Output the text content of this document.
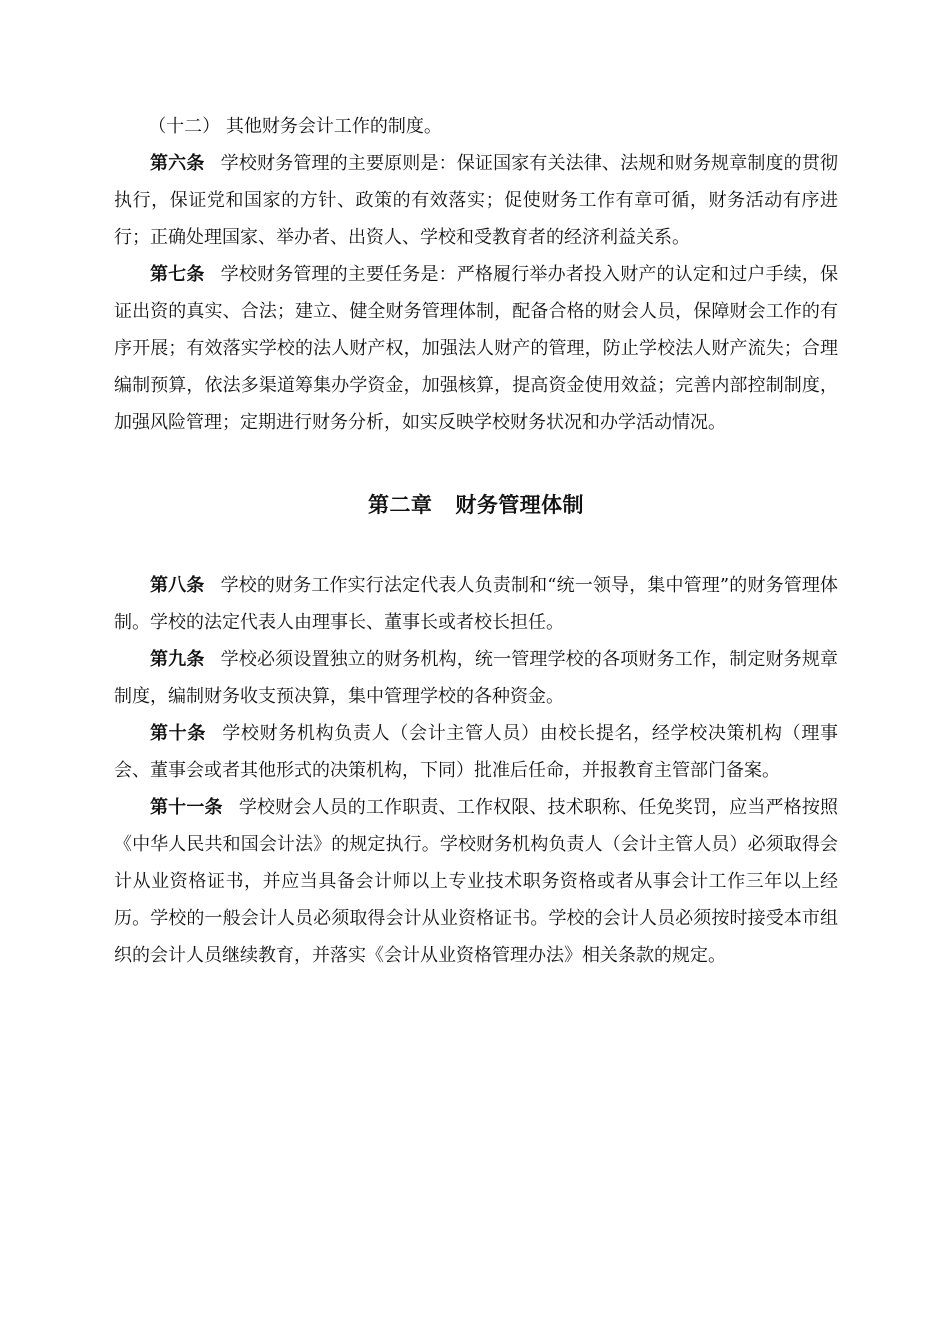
（十二） 其他财务会计工作的制度。

第六条 学校财务管理的主要原则是：保证国家有关法律、法规和财务规章制度的贯彻执行，保证党和国家的方针、政策的有效落实；促使财务工作有章可循，财务活动有序进行；正确处理国家、举办者、出资人、学校和受教育者的经济利益关系。

第七条 学校财务管理的主要任务是：严格履行举办者投入财产的认定和过户手续，保证出资的真实、合法；建立、健全财务管理体制，配备合格的财会人员，保障财会工作的有序开展；有效落实学校的法人财产权，加强法人财产的管理，防止学校法人财产流失；合理编制预算，依法多渠道筹集办学资金，加强核算，提高资金使用效益；完善内部控制制度，加强风险管理；定期进行财务分析，如实反映学校财务状况和办学活动情况。

第二章 财务管理体制

第八条 学校的财务工作实行法定代表人负责制和“统一领导，集中管理”的财务管理体制。学校的法定代表人由理事长、董事长或者校长担任。

第九条 学校必须设置独立的财务机构，统一管理学校的各项财务工作，制定财务规章制度，编制财务收支预决算，集中管理学校的各种资金。

第十条 学校财务机构负责人（会计主管人员）由校长提名，经学校决策机构（理事会、董事会或者其他形式的决策机构，下同）批准后任命，并报教育主管部门备案。

第十一条 学校财会人员的工作职责、工作权限、技术职称、任免奖罚，应当严格按照《中华人民共和国会计法》的规定执行。学校财务机构负责人（会计主管人员）必须取得会计从业资格证书，并应当具备会计师以上专业技术职务资格或者从事会计工作三年以上经历。学校的一般会计人员必须取得会计从业资格证书。学校的会计人员必须按时接受本市组织的会计人员继续教育，并落实《会计从业资格管理办法》相关条款的规定。
